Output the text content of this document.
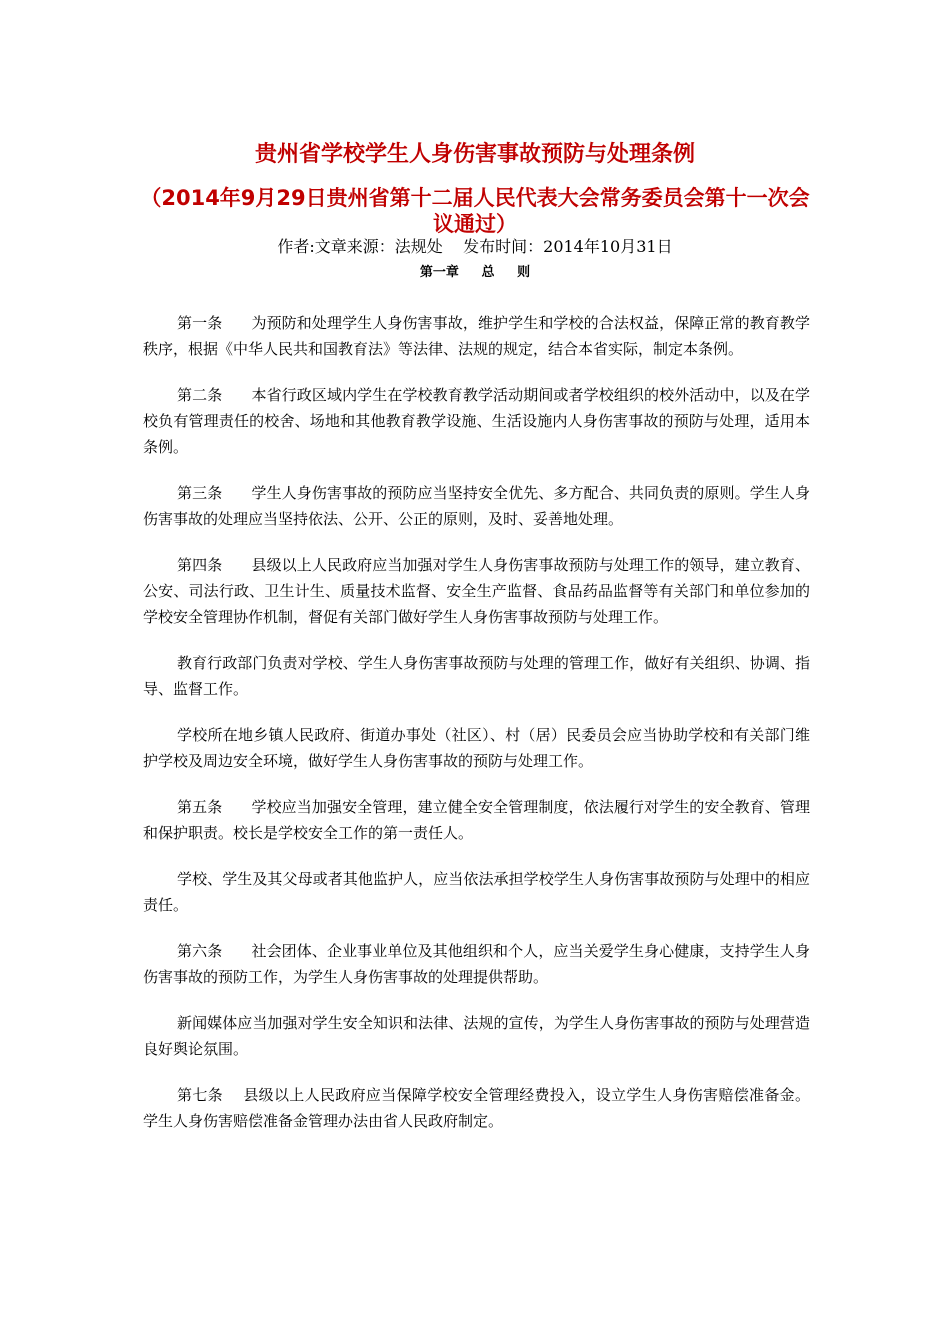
贵州省学校学生人身伤害事故预防与处理条例
（2014年9月29日贵州省第十二届人民代表大会常务委员会第十一次会议通过）
作者:文章来源：法规处    发布时间：2014年10月31日
第一章     总     则

第一条      为预防和处理学生人身伤害事故，维护学生和学校的合法权益，保障正常的教育教学秩序，根据《中华人民共和国教育法》等法律、法规的规定，结合本省实际，制定本条例。

第二条      本省行政区域内学生在学校教育教学活动期间或者学校组织的校外活动中，以及在学校负有管理责任的校舍、场地和其他教育教学设施、生活设施内人身伤害事故的预防与处理，适用本条例。

第三条      学生人身伤害事故的预防应当坚持安全优先、多方配合、共同负责的原则。学生人身伤害事故的处理应当坚持依法、公开、公正的原则，及时、妥善地处理。

第四条      县级以上人民政府应当加强对学生人身伤害事故预防与处理工作的领导，建立教育、公安、司法行政、卫生计生、质量技术监督、安全生产监督、食品药品监督等有关部门和单位参加的学校安全管理协作机制，督促有关部门做好学生人身伤害事故预防与处理工作。

教育行政部门负责对学校、学生人身伤害事故预防与处理的管理工作，做好有关组织、协调、指导、监督工作。

学校所在地乡镇人民政府、街道办事处（社区）、村（居）民委员会应当协助学校和有关部门维护学校及周边安全环境，做好学生人身伤害事故的预防与处理工作。

第五条      学校应当加强安全管理，建立健全安全管理制度，依法履行对学生的安全教育、管理和保护职责。校长是学校安全工作的第一责任人。

学校、学生及其父母或者其他监护人，应当依法承担学校学生人身伤害事故预防与处理中的相应责任。

第六条      社会团体、企业事业单位及其他组织和个人，应当关爱学生身心健康，支持学生人身伤害事故的预防工作，为学生人身伤害事故的处理提供帮助。

新闻媒体应当加强对学生安全知识和法律、法规的宣传，为学生人身伤害事故的预防与处理营造良好舆论氛围。

第七条    县级以上人民政府应当保障学校安全管理经费投入，设立学生人身伤害赔偿准备金。学生人身伤害赔偿准备金管理办法由省人民政府制定。
